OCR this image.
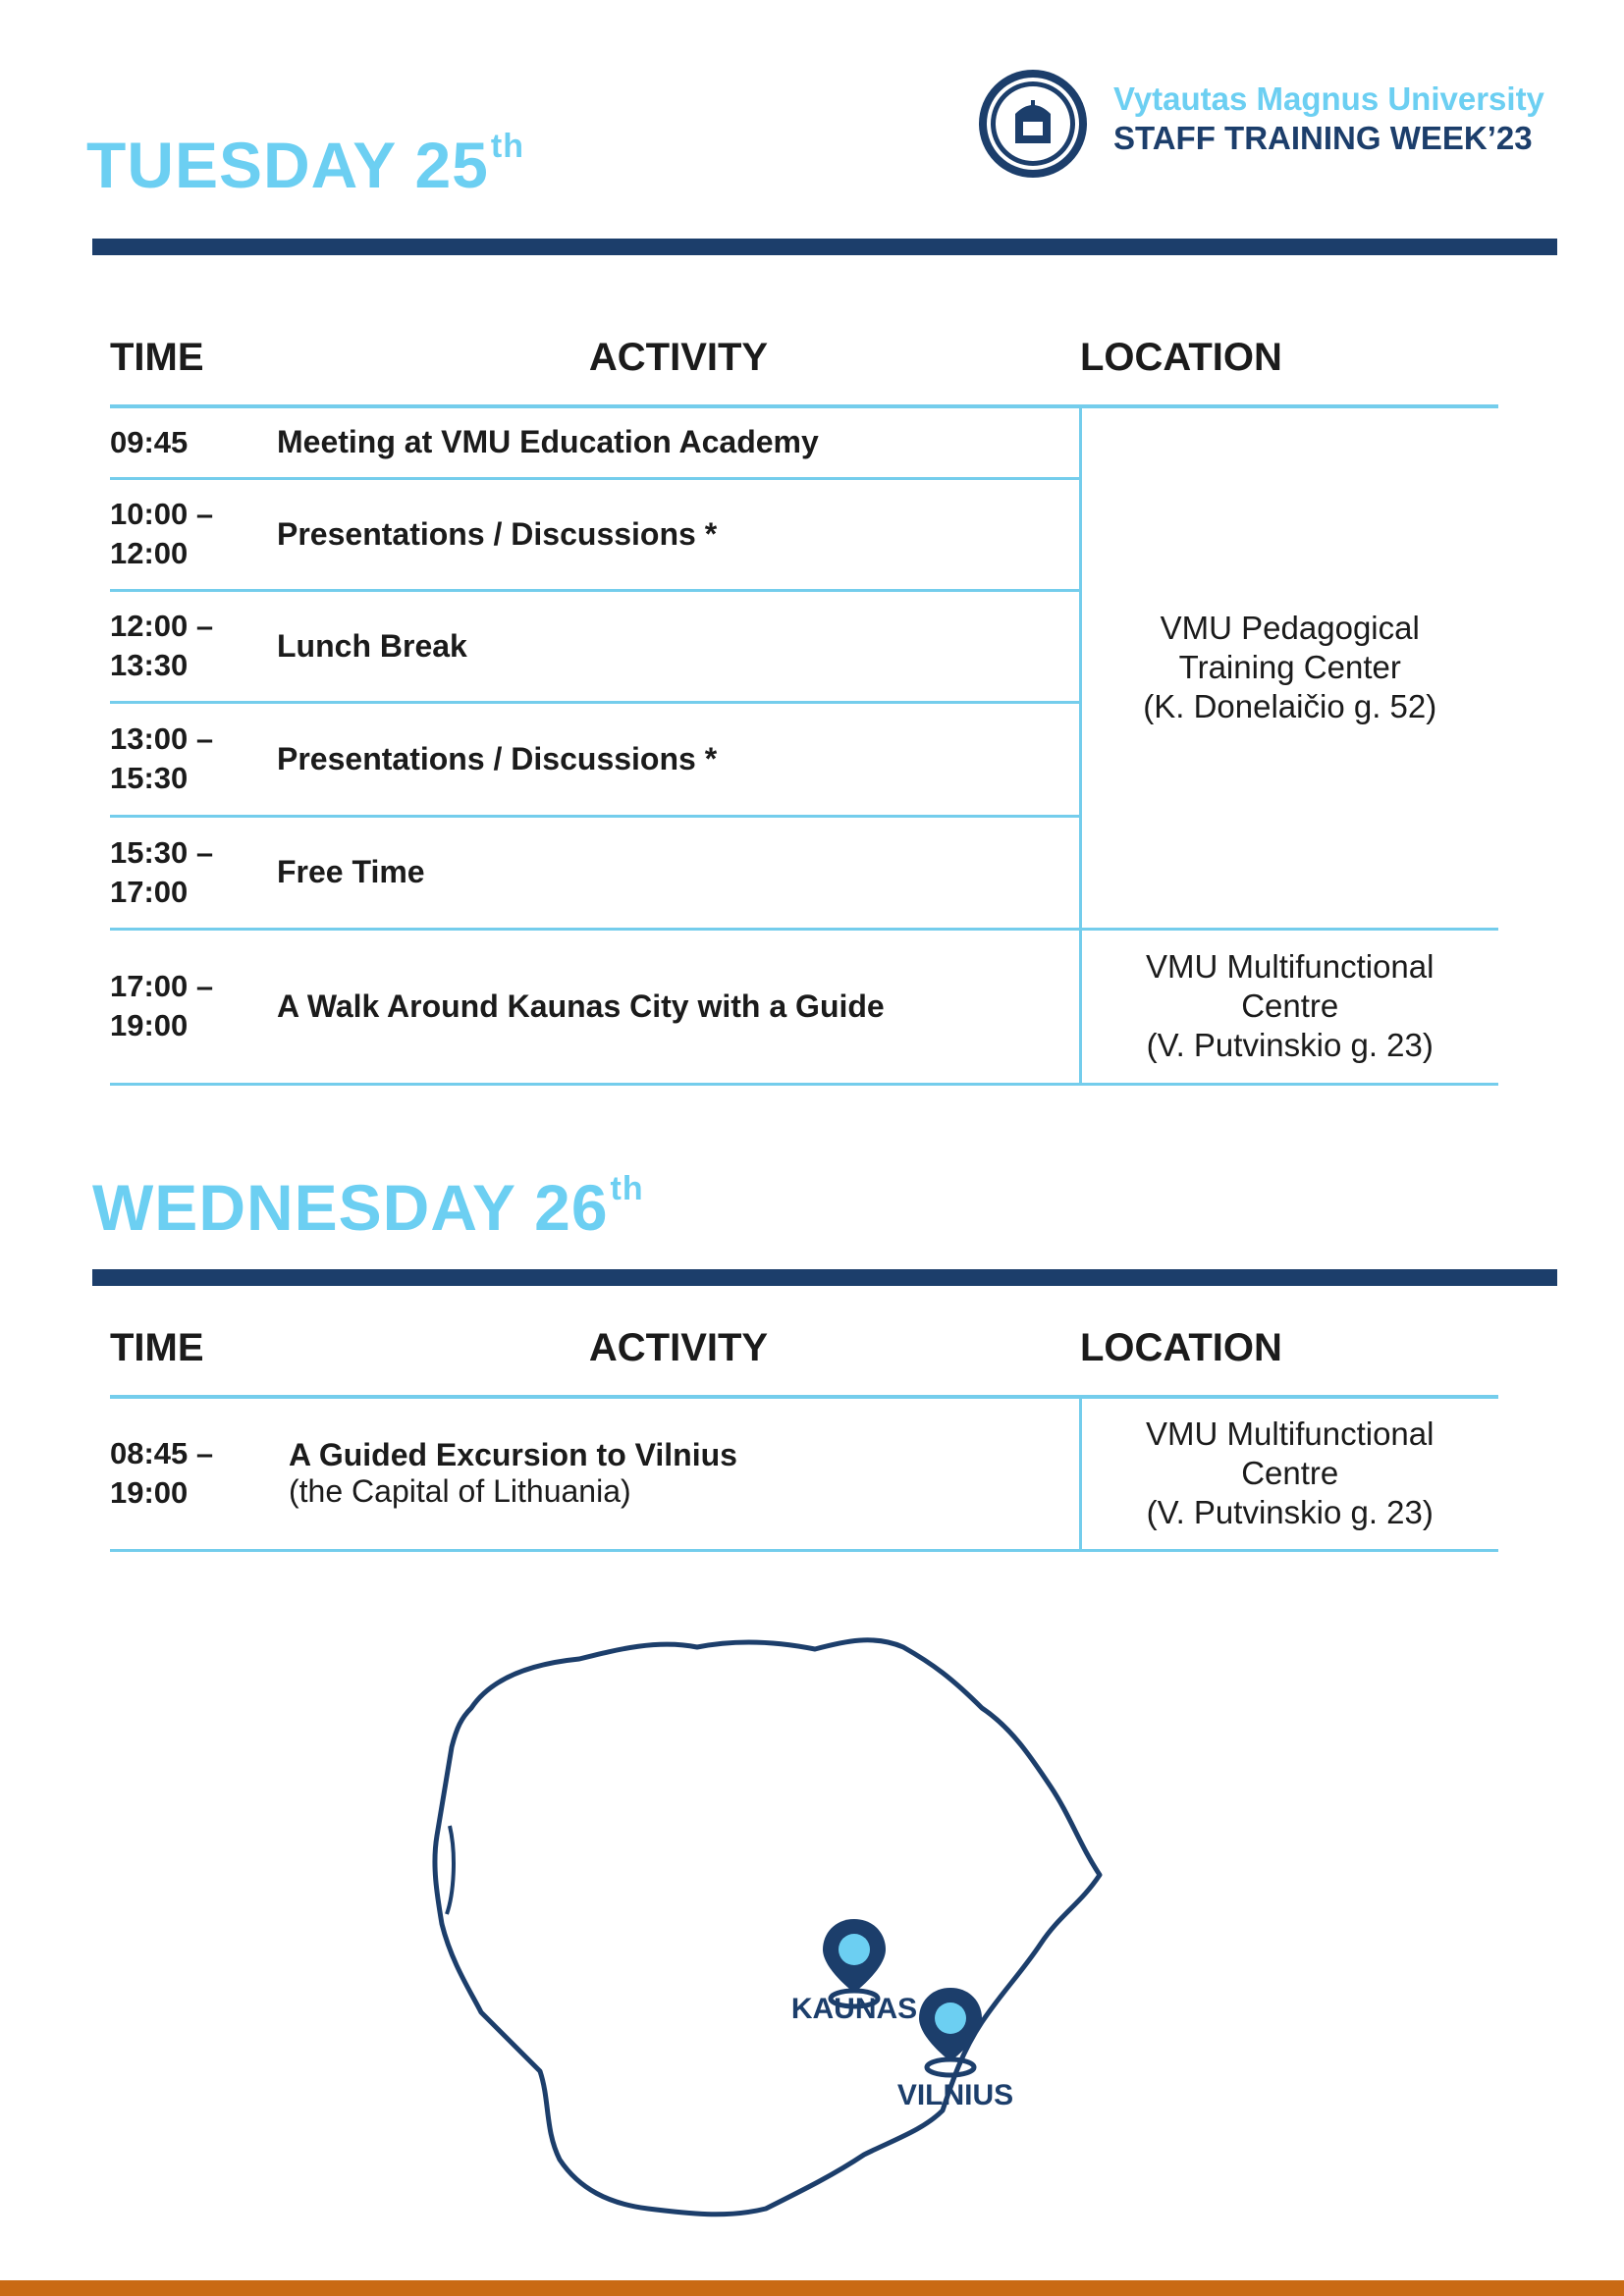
TUESDAY 25th
Vytautas Magnus University
STAFF TRAINING WEEK’23
TIME	ACTIVITY	LOCATION
09:45	Meeting at VMU Education Academy	VMU Pedagogical
Training Center
(K. Donelaičio g. 52)

10:00 –
12:00	Presentations / Discussions *	
12:00 –
13:30	Lunch Break	
13:00 –
15:30	Presentations / Discussions *	
15:30 –
17:00	Free Time	
17:00 –
19:00	A Walk Around Kaunas City with a Guide	VMU Multifunctional
Centre
(V. Putvinskio g. 23)
WEDNESDAY 26th
TIME	ACTIVITY	LOCATION
08:45 –
19:00	A Guided Excursion to Vilnius
(the Capital of Lithuania)	VMU Multifunctional
Centre
(V. Putvinskio g. 23)
KAUNAS
VILNIUS
